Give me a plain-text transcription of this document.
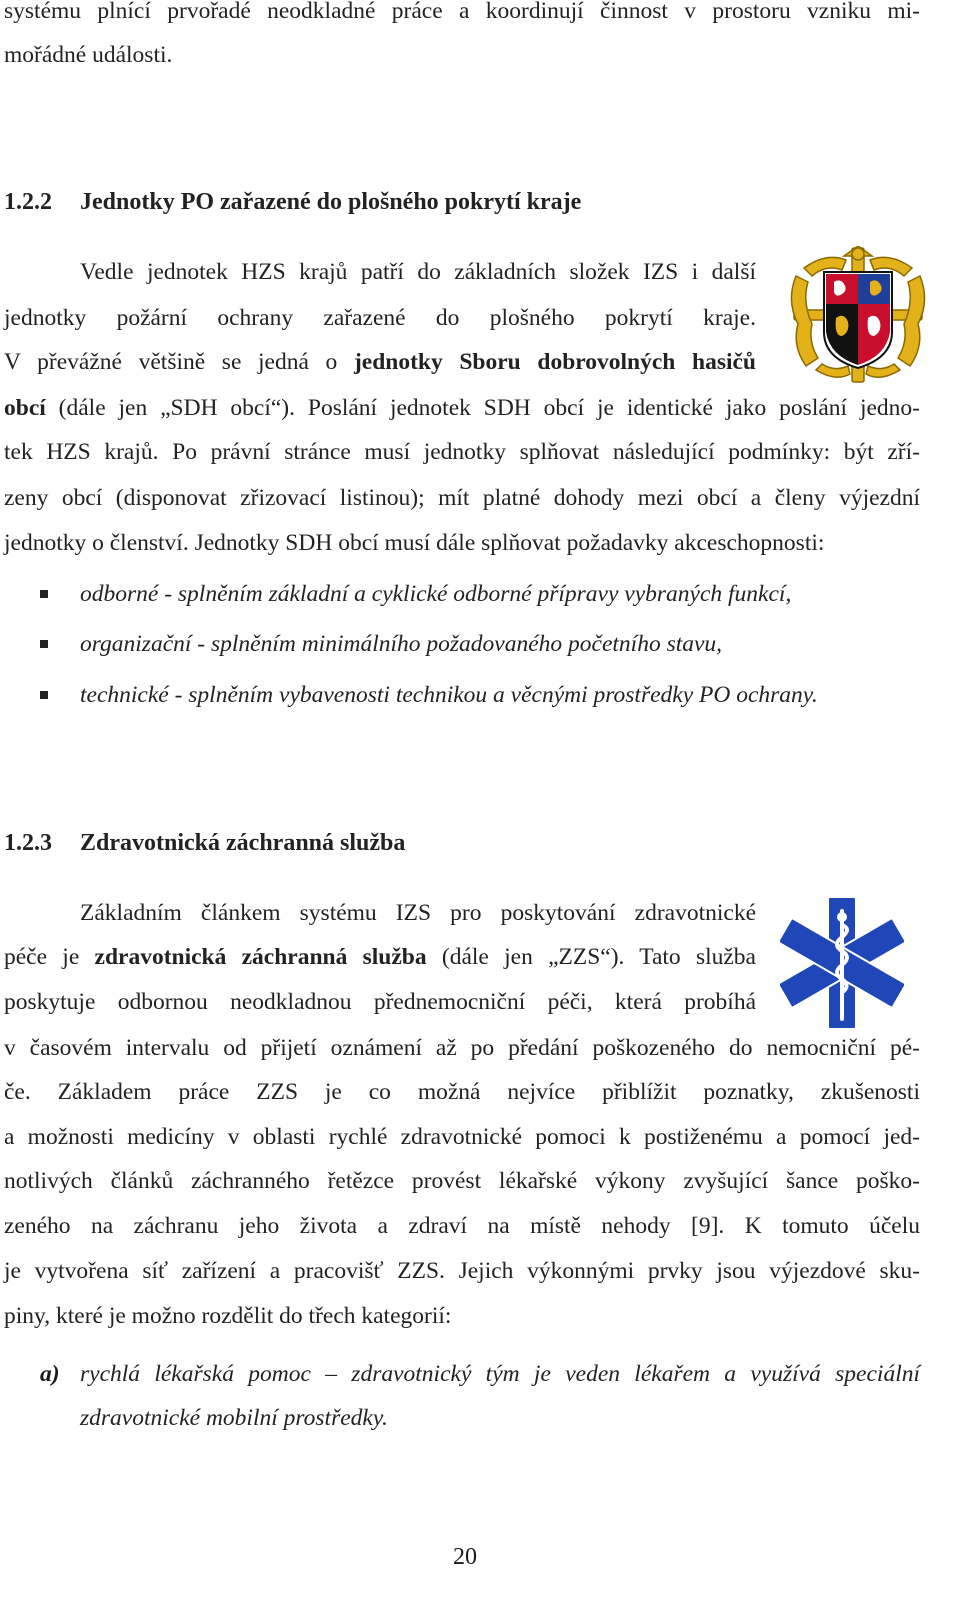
systému plnící prvořadé neodkladné práce a koordinují činnost v prostoru vzniku mi-
mořádné události.
1.2.2 Jednotky PO zařazené do plošného pokrytí kraje
Vedle jednotek HZS krajů patří do základních složek IZS i další
jednotky požární ochrany zařazené do plošného pokrytí kraje.
V převážné většině se jedná o jednotky Sboru dobrovolných hasičů
obcí (dále jen „SDH obcí“). Poslání jednotek SDH obcí je identické jako poslání jedno-
tek HZS krajů. Po právní stránce musí jednotky splňovat následující podmínky: být zří-
zeny obcí (disponovat zřizovací listinou); mít platné dohody mezi obcí a členy výjezdní
jednotky o členství. Jednotky SDH obcí musí dále splňovat požadavky akceschopnosti:
odborné - splněním základní a cyklické odborné přípravy vybraných funkcí,
organizační - splněním minimálního požadovaného početního stavu,
technické - splněním vybavenosti technikou a věcnými prostředky PO ochrany.
1.2.3 Zdravotnická záchranná služba
Základním článkem systému IZS pro poskytování zdravotnické
péče je zdravotnická záchranná služba (dále jen „ZZS“). Tato služba
poskytuje odbornou neodkladnou přednemocniční péči, která probíhá
v časovém intervalu od přijetí oznámení až po předání poškozeného do nemocniční pé-
če. Základem práce ZZS je co možná nejvíce přiblížit poznatky, zkušenosti
a možnosti medicíny v oblasti rychlé zdravotnické pomoci k postiženému a pomocí jed-
notlivých článků záchranného řetězce provést lékařské výkony zvyšující šance poško-
zeného na záchranu jeho života a zdraví na místě nehody [9]. K tomuto účelu
je vytvořena síť zařízení a pracovišť ZZS. Jejich výkonnými prvky jsou výjezdové sku-
piny, které je možno rozdělit do třech kategorií:
a) rychlá lékařská pomoc – zdravotnický tým je veden lékařem a využívá speciální
zdravotnické mobilní prostředky.
20
